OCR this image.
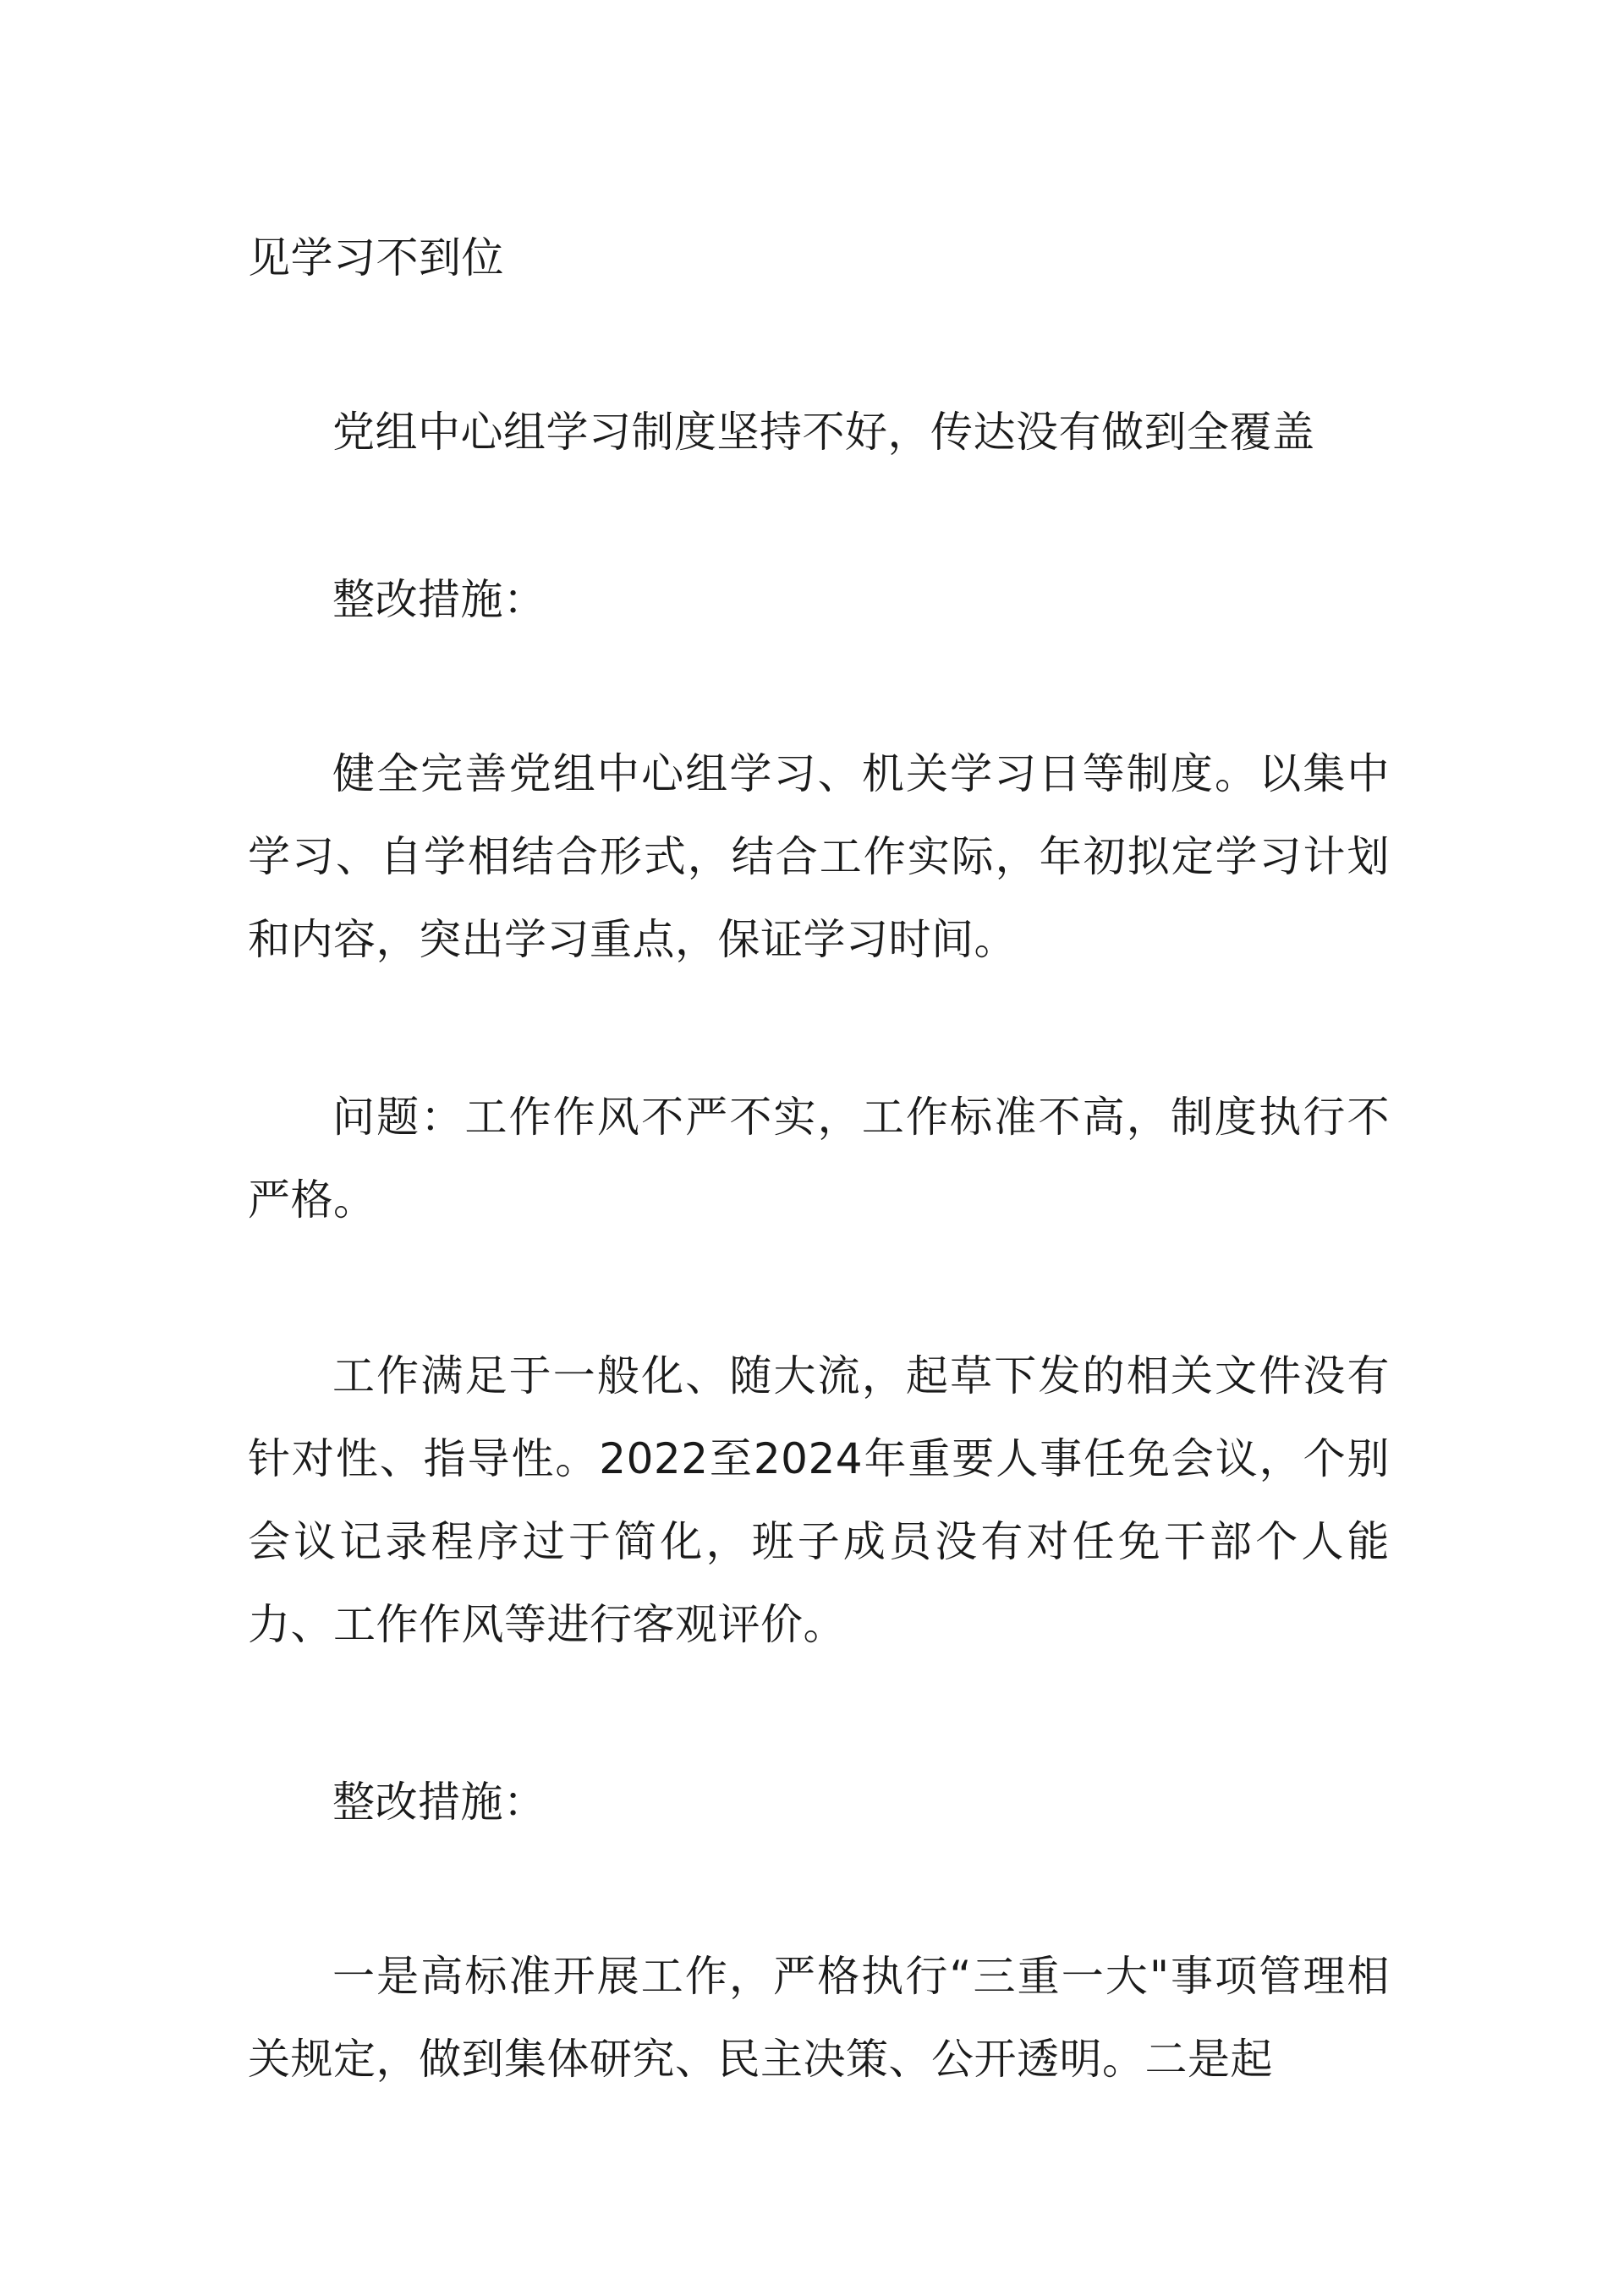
见学习不到位

党组中心组学习制度坚持不好，传达没有做到全覆盖

整改措施：

健全完善党组中心组学习、机关学习日等制度。以集中学习、自学相结合形式，结合工作实际，年初拟定学习计划和内容，突出学习重点，保证学习时间。

问题：工作作风不严不实，工作标准不高，制度执行不严格。

工作满足于一般化、随大流，起草下发的相关文件没有针对性、指导性。2022至2024年重要人事任免会议，个别会议记录程序过于简化，班子成员没有对任免干部个人能力、工作作风等进行客观评价。

整改措施：

一是高标准开展工作，严格执行“三重一大"事项管理相关规定，做到集体研究、民主决策、公开透明。二是起
